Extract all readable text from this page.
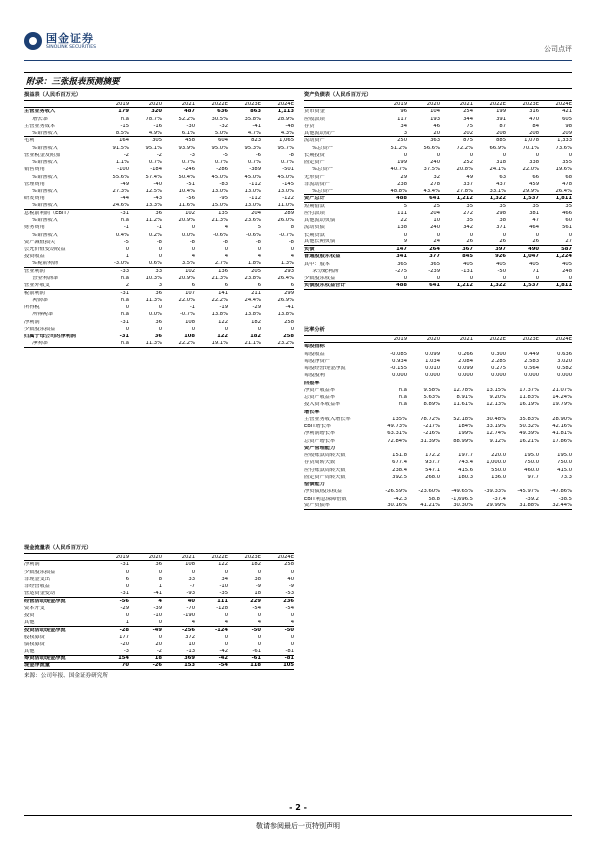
国金证券
SINOLINK SECURITIES	公司点评
附录：三张报表预测摘要
损益表（人民币百万元）
2019	2020	2021	2022E	2023E	2024E
主营业务收入	179	320	487	636	863	1,113
增长率	n.a	78.7%	52.2%	30.5%	35.8%	28.9%
主营业务成本	-15	-16	-30	-32	-41	-48
%销售收入	8.5%	4.9%	6.1%	5.0%	4.7%	4.3%
毛利	164	305	458	604	823	1,065
%销售收入	91.5%	95.1%	93.9%	95.0%	95.3%	95.7%
营业税金及附加	-2	-2	-3	-5	-6	-8
%销售收入	1.1%	0.7%	0.7%	0.7%	0.7%	0.7%
销售费用	-100	-184	-246	-286	-389	-501
%销售收入	55.6%	57.4%	50.4%	45.0%	45.0%	45.0%
管理费用	-49	-40	-51	-83	-112	-145
%销售收入	27.3%	12.5%	10.4%	13.0%	13.0%	13.0%
研发费用	-44	-43	-56	-95	-112	-122
%销售收入	24.6%	13.3%	11.6%	15.0%	13.0%	11.0%
息税前利润（EBIT）	-31	36	102	135	204	289
%销售收入	n.a	11.2%	20.9%	21.3%	23.6%	26.0%
财务费用	-1	-1	0	4	5	8
%销售收入	0.4%	0.2%	0.0%	-0.6%	-0.6%	-0.7%
资产减值损失	-5	-8	-8	-8	-8	-8
公允价值变动收益	0	0	0	0	0	0
投资收益	1	0	4	4	4	4
%税前利润	-3.0%	0.6%	3.5%	2.7%	1.8%	1.3%
营业利润	-33	33	102	136	205	293
营业利润率	n.a	10.3%	20.9%	21.3%	23.8%	26.4%
营业外收支	2	3	6	6	6	6
税前利润	-31	36	107	141	211	299
利润率	n.a	11.3%	22.0%	22.2%	24.4%	26.9%
所得税	0	0	-1	-19	-29	-41
所得税率	n.a	0.0%	-0.7%	13.8%	13.8%	13.8%
净利润	-31	36	108	122	182	258
少数股东损益	0	0	0	0	0	0
归属于母公司的净利润	-31	36	108	122	182	258
净利率	n.a	11.3%	22.2%	19.1%	21.1%	23.2%
资产负债表（人民币百万元）
2019	2020	2021	2022E	2023E	2024E
货币资金	96	104	254	199	316	421
应收款项	117	193	344	391	470	605
存货	34	46	75	87	84	98
其他流动资产	3	20	202	208	208	209
流动资产	250	363	875	885	1,078	1,333
%总资产	51.2%	56.6%	72.2%	66.9%	70.1%	73.6%
长期投资	0	0	0	0	0	0
固定资产	199	240	252	318	338	355
%总资产	40.7%	37.5%	20.8%	24.1%	22.0%	19.6%
无形资产	29	32	49	63	66	68
非流动资产	238	278	337	437	459	478
%总资产	48.8%	43.4%	27.8%	33.1%	29.9%	26.4%
资产总计	488	641	1,212	1,322	1,537	1,811
短期借款	5	25	35	35	35	35
应付款项	111	204	272	298	381	466
其他流动负债	22	10	35	38	47	60
流动负债	138	240	342	371	464	561
长期贷款	0	0	0	0	0	0
其他长期负债	9	24	26	26	26	27
负债	147	264	367	397	490	587
普通股股东权益	341	377	845	926	1,047	1,224
其中：股本	365	365	405	405	405	405
未分配利润	-275	-239	-131	-50	71	248
少数股东权益	0	0	0	0	0	0
负债股东权益合计	488	641	1,212	1,322	1,537	1,811
比率分析
2019	2020	2021	2022E	2023E	2024E
每股指标
每股收益	-0.085	0.099	0.266	0.300	0.449	0.636
每股净资产	0.934	1.034	2.084	2.285	2.583	3.020
每股经营现金净流	-0.155	0.010	0.099	0.275	0.564	0.582
每股股利	0.000	0.000	0.000	0.000	0.000	0.000
回报率
净资产收益率	n.a	9.58%	12.78%	13.15%	17.37%	21.07%
总资产收益率	n.a	5.63%	8.91%	9.20%	11.83%	14.24%
投入资本收益率	n.a	8.89%	11.61%	12.13%	16.19%	19.79%
增长率
主营业务收入增长率	135%	78.72%	52.18%	30.48%	35.83%	28.90%
EBIT增长率	49.73%	-217%	184%	33.19%	50.32%	42.16%
净利润增长率	63.31%	-216%	199%	12.74%	49.39%	41.81%
总资产增长率	72.84%	31.39%	88.99%	9.12%	16.21%	17.86%
资产管理能力
应收账款周转天数	151.8	172.2	197.7	220.0	195.0	195.0
存货周转天数	677.4	937.7	743.4	1,000.0	750.0	750.0
应付账款周转天数	238.4	547.1	415.6	550.0	460.0	415.0
固定资产周转天数	392.5	268.0	180.3	136.0	97.7	73.3
偿债能力
净负债/股东权益	-26.59%	-23.60%	-49.65%	-39.33%	-45.97%	-47.86%
EBIT利息保障倍数	-42.3	58.8	-1,696.5	-37.4	-39.2	-38.5
资产负债率	30.16%	41.21%	30.30%	29.99%	31.88%	32.44%
现金流量表（人民币百万元）
2019	2020	2021	2022E	2023E	2024E
净利润	-31	36	108	122	182	258
少数股东损益	0	0	0	0	0	0
非现金支出	6	8	33	34	38	40
非经营收益	0	1	-7	-10	-9	-9
营运资金变动	-31	-41	-93	-35	18	-53
经营活动现金净流	-56	4	40	111	229	236
资本开支	-29	-39	-70	-128	-54	-54
投资	0	-10	-190	0	0	0
其他	1	0	4	4	4	4
投资活动现金净流	-28	-49	-256	-124	-50	-50
股权募资	177	0	372	0	0	0
债权募资	-20	20	10	0	0	0
其他	-3	-2	-13	-42	-61	-81
筹资活动现金净流	154	18	369	-42	-61	-81
现金净流量	70	-26	153	-54	118	105
来源：公司年报、国金证券研究所
- 2 -
敬请参阅最后一页特别声明
